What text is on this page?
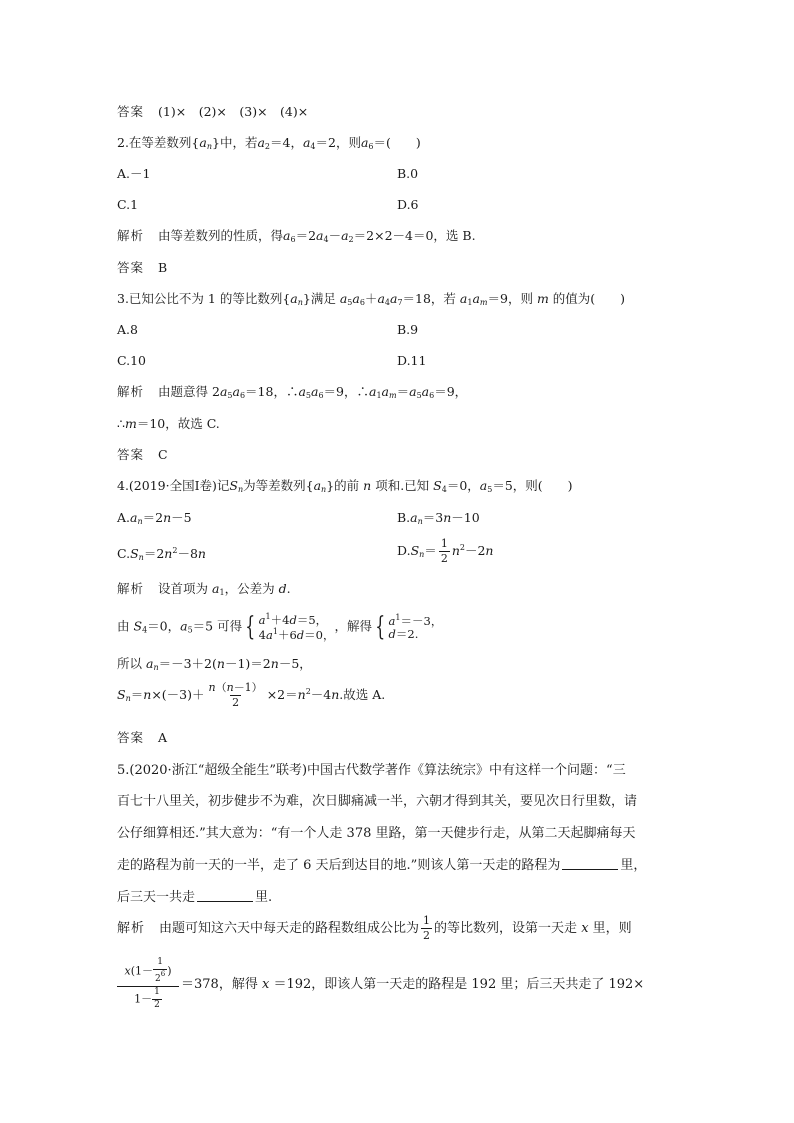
答案 (1)×　(2)×　(3)×　(4)×
2.在等差数列$\{a_n\}$中，若$a_2=4$，$a_4=2$，则$a_6=$(　　)
A.－1	B.0
C.1	D.6
解析 由等差数列的性质，得$a_6=2a_4-a_2=2\times 2-4=0$，选 B.
答案 B
3.已知公比不为 1 的等比数列$\{a_n\}$满足 $a_5a_6+a_4a_7=18$，若 $a_1a_m=9$，则 m 的值为(　　)
A.8	B.9
C.10	D.11
解析 由题意得 $2a_5a_6=18$，$\therefore a_5a_6=9$，$\therefore a_1a_m=a_5a_6=9$，
∴m＝10，故选 C.
答案 C
4.(2019·全国Ⅰ卷)记$S_n$为等差数列$\{a_n\}$的前 n 项和.已知 $S_4=0$，$a_5=5$，则(　　)
$A.a_n=2n-5$	$B.a_n=3n-10$
$C.S_n=2n^2-8n$	$D.S_n= \frac{1}{2} n^2-2n$
解析 设首项为 $a_1$，公差为 d.
由 $S_4=0$，$a_5=5$ 可得 { $a^1+4d=5$，
$4a^1+6d=0$，
，解得 { $a^1=-3$，
d＝2.
所以 $a_n=-3+2(n-1)=2n-5$，
$S_n=n\times(-3)+ \frac{n(n-1)}{2} \times 2=n^2-4n$.故选 A.
答案 A
5.(2020·浙江“超级全能生”联考)中国古代数学著作《算法统宗》中有这样一个问题：“三
百七十八里关，初步健步不为难，次日脚痛减一半，六朝才得到其关，要见次日行里数，请
公仔细算相还.”其大意为：“有一个人走 378 里路，第一天健步行走，从第二天起脚痛每天
走的路程为前一天的一半，走了 6 天后到达目的地.”则该人第一天走的路程为	里，
后三天一共走	里.
解析 由题可知这六天中每天走的路程数组成公比为 $\frac{1}{2}$ 的等比数列，设第一天走 x 里，则
$\frac{x(1- \frac{1}{2^6} )}{1- \frac{1}{2}} =378$，解得 x ＝192，即该人第一天走的路程是 192 里；后三天共走了 192×
